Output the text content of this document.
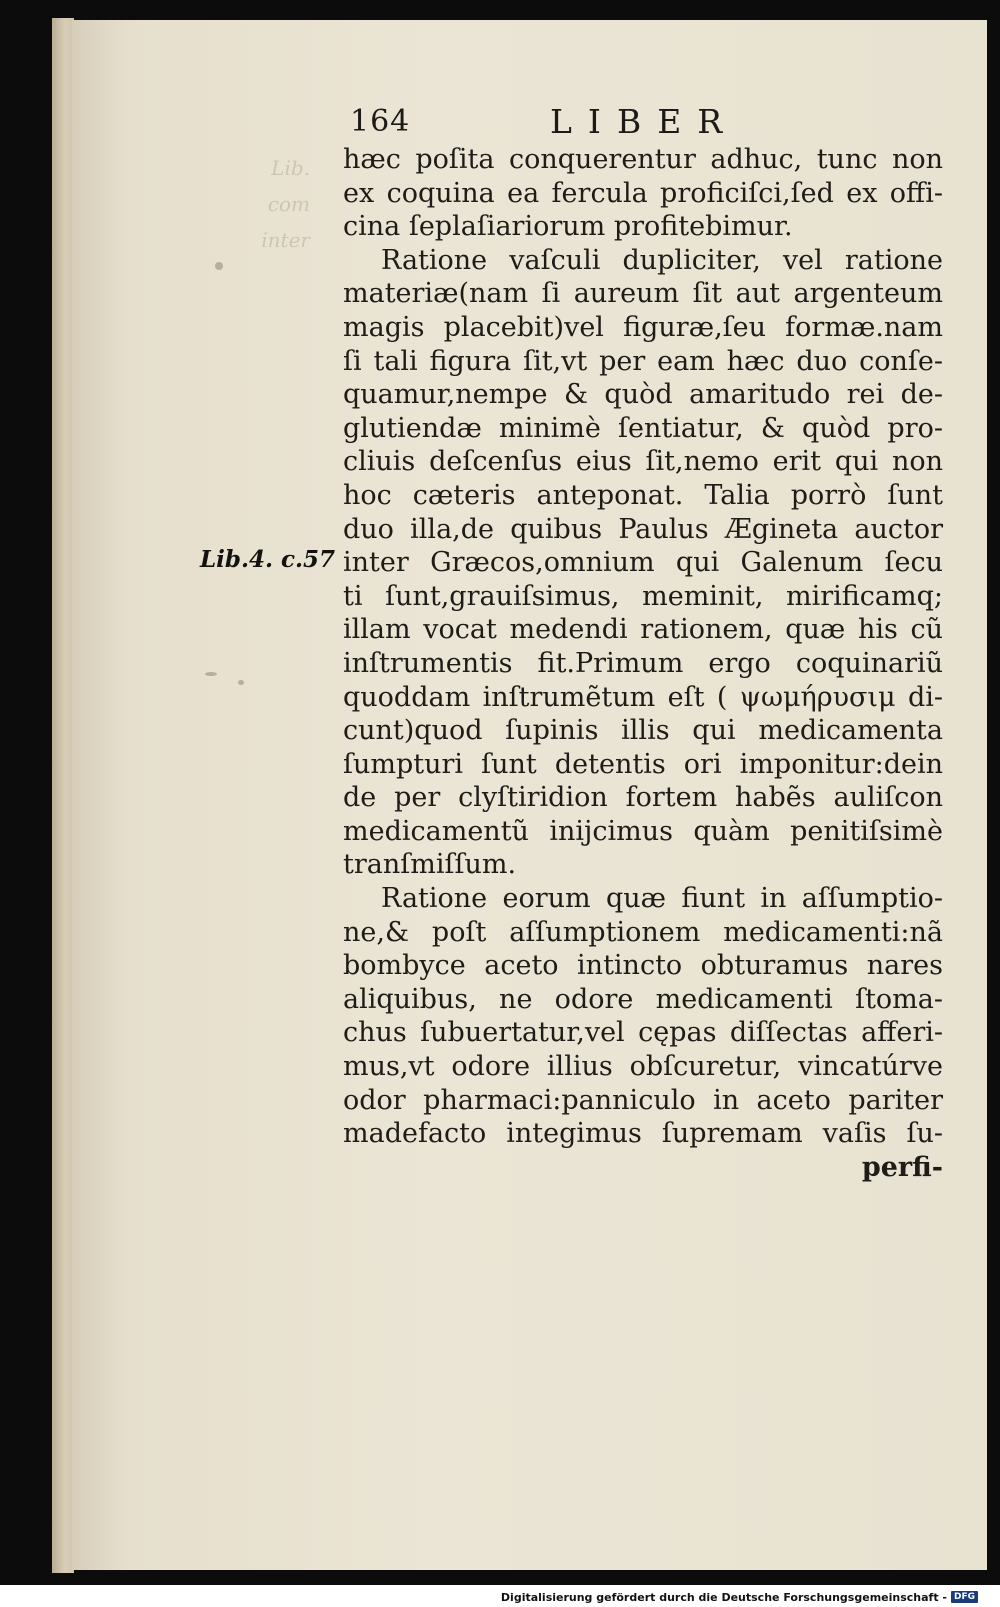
Lib.
com
inter
164	LIBER
Lib.4. c.57
hæc poſita conquerentur adhuc, tunc non
ex coquina ea fercula proficiſci,ſed ex offi-
cina ſeplaſiariorum profitebimur.
Ratione vaſculi dupliciter, vel ratione
materiæ(nam ſi aureum ſit aut argenteum
magis placebit)vel figuræ,ſeu formæ.nam
ſi tali figura ſit,vt per eam hæc duo conſe-
quamur,nempe & quòd amaritudo rei de-
glutiendæ minimè ſentiatur, & quòd pro-
cliuis deſcenſus eius ſit,nemo erit qui non
hoc cæteris anteponat. Talia porrò ſunt
duo illa,de quibus Paulus Ægineta auctor
inter Græcos,omnium qui Galenum ſecu
ti ſunt,grauiſsimus, meminit, mirificamq;
illam vocat medendi rationem, quæ his cũ
inſtrumentis fit.Primum ergo coquinariũ
quoddam inſtrumẽtum eſt ( ψωμήρυσιμ di-
cunt)quod ſupinis illis qui medicamenta
ſumpturi ſunt detentis ori imponitur:dein
de per clyſtiridion fortem habẽs auliſcon
medicamentũ inijcimus quàm penitiſsimè
tranſmiſſum.
Ratione eorum quæ fiunt in aſſumptio-
ne,& poſt aſſumptionem medicamenti:nã
bombyce aceto intincto obturamus nares
aliquibus, ne odore medicamenti ſtoma-
chus ſubuertatur,vel cępas diſſectas afferi-
mus,vt odore illius obſcuretur, vincatúrve
odor pharmaci:panniculo in aceto pariter
madefacto integimus ſupremam vaſis ſu-
perfi-
Digitalisierung gefördert durch die Deutsche Forschungsgemeinschaft - DFG
